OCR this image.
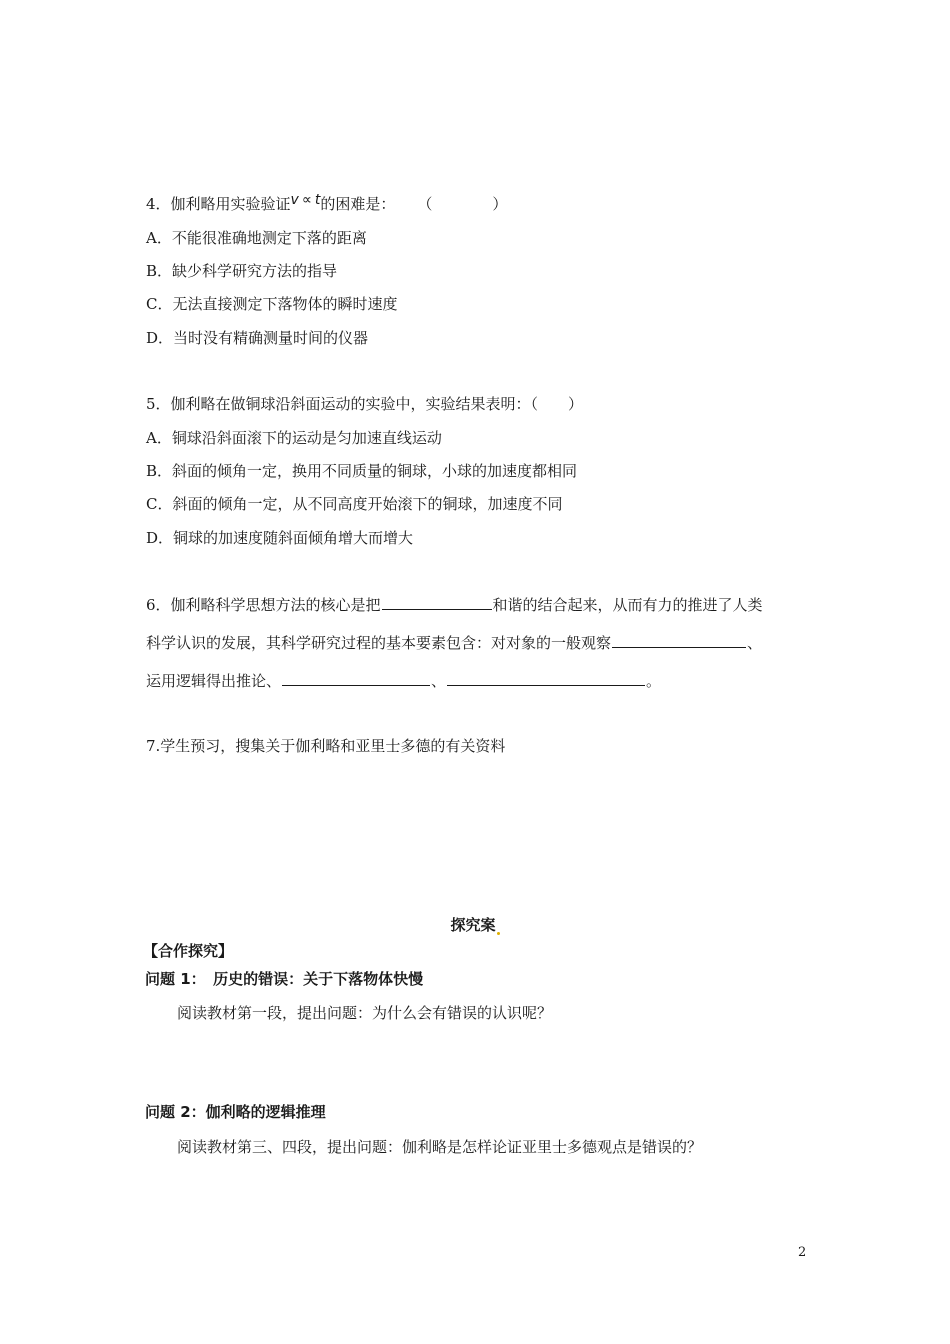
4．伽利略用实验验证v ∝ t的困难是： （　　　　）
A．不能很准确地测定下落的距离
B．缺少科学研究方法的指导
C．无法直接测定下落物体的瞬时速度
D．当时没有精确测量时间的仪器
5．伽利略在做铜球沿斜面运动的实验中，实验结果表明：（　　）
A．铜球沿斜面滚下的运动是匀加速直线运动
B．斜面的倾角一定，换用不同质量的铜球，小球的加速度都相同
C．斜面的倾角一定，从不同高度开始滚下的铜球，加速度不同
D．铜球的加速度随斜面倾角增大而增大
6．伽利略科学思想方法的核心是把	和谐的结合起来，从而有力的推进了人类
科学认识的发展，其科学研究过程的基本要素包含：对对象的一般观察	、
运用逻辑得出推论、	、	。
7.学生预习，搜集关于伽利略和亚里士多德的有关资料
探究案
【合作探究】
问题 1：　历史的错误：关于下落物体快慢
阅读教材第一段，提出问题：为什么会有错误的认识呢？
问题 2：伽利略的逻辑推理
阅读教材第三、四段，提出问题：伽利略是怎样论证亚里士多德观点是错误的？
2
